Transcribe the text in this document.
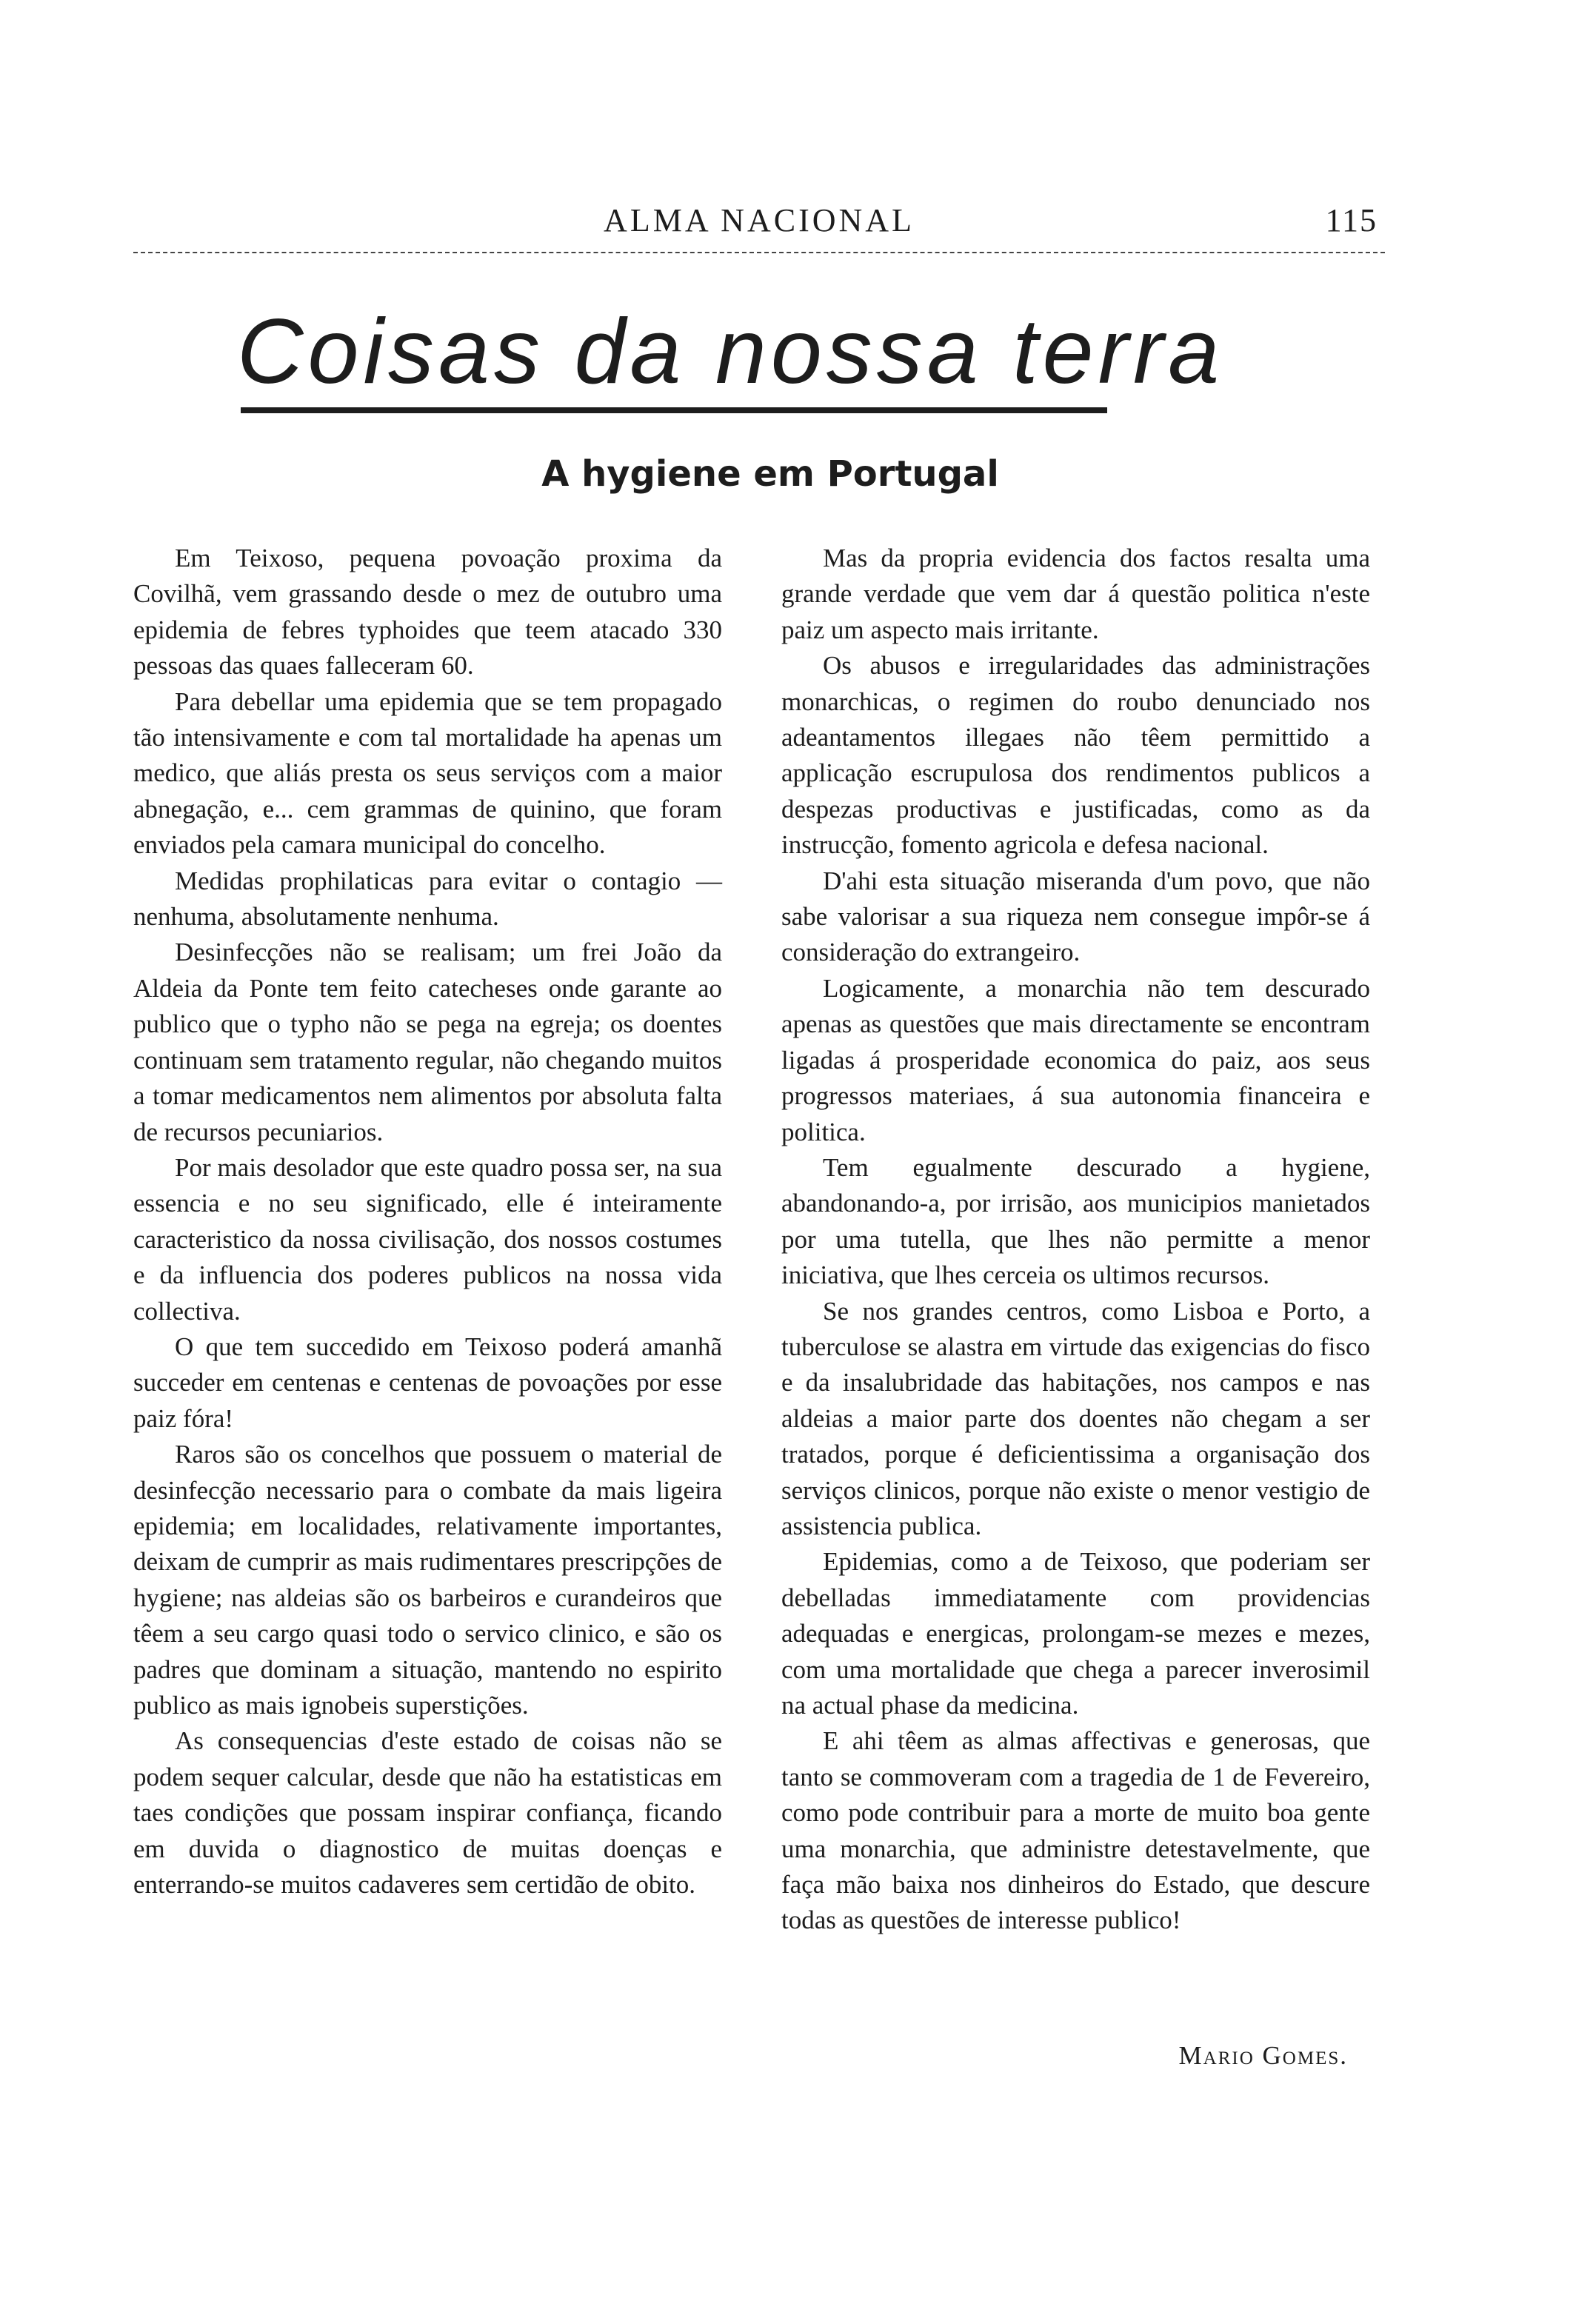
ALMA NACIONAL	115
Coisas da nossa terra
A hygiene em Portugal

Em Teixoso, pequena povoação proxima da Covilhã, vem grassando desde o mez de outubro uma epidemia de febres typhoides que teem atacado 330 pessoas das quaes falleceram 60.

Para debellar uma epidemia que se tem propagado tão intensivamente e com tal mortalidade ha apenas um medico, que aliás presta os seus serviços com a maior abnegação, e... cem grammas de quinino, que foram enviados pela camara municipal do concelho.

Medidas prophilaticas para evitar o contagio — nenhuma, absolutamente nenhuma.

Desinfecções não se realisam; um frei João da Aldeia da Ponte tem feito catecheses onde garante ao publico que o typho não se pega na egreja; os doentes continuam sem tratamento regular, não chegando muitos a tomar medicamentos nem alimentos por absoluta falta de recursos pecuniarios.

Por mais desolador que este quadro possa ser, na sua essencia e no seu significado, elle é inteiramente caracteristico da nossa civilisação, dos nossos costumes e da influencia dos poderes publicos na nossa vida collectiva.

O que tem succedido em Teixoso poderá amanhã succeder em centenas e centenas de povoações por esse paiz fóra!

Raros são os concelhos que possuem o material de desinfecção necessario para o combate da mais ligeira epidemia; em localidades, relativamente importantes, deixam de cumprir as mais rudimentares prescripções de hygiene; nas aldeias são os barbeiros e curandeiros que têem a seu cargo quasi todo o servico clinico, e são os padres que dominam a situação, mantendo no espirito publico as mais ignobeis superstições.

As consequencias d'este estado de coisas não se podem sequer calcular, desde que não ha estatisticas em taes condições que possam inspirar confiança, ficando em duvida o diagnostico de muitas doenças e enterrando-se muitos cadaveres sem certidão de obito.

Mas da propria evidencia dos factos resalta uma grande verdade que vem dar á questão politica n'este paiz um aspecto mais irritante.

Os abusos e irregularidades das administrações monarchicas, o regimen do roubo denunciado nos adeantamentos illegaes não têem permittido a applicação escrupulosa dos rendimentos publicos a despezas productivas e justificadas, como as da instrucção, fomento agricola e defesa nacional.

D'ahi esta situação miseranda d'um povo, que não sabe valorisar a sua riqueza nem consegue impôr-se á consideração do extrangeiro.

Logicamente, a monarchia não tem descurado apenas as questões que mais directamente se encontram ligadas á prosperidade economica do paiz, aos seus progressos materiaes, á sua autonomia financeira e politica.

Tem egualmente descurado a hygiene, abandonando-a, por irrisão, aos municipios manietados por uma tutella, que lhes não permitte a menor iniciativa, que lhes cerceia os ultimos recursos.

Se nos grandes centros, como Lisboa e Porto, a tuberculose se alastra em virtude das exigencias do fisco e da insalubridade das habitações, nos campos e nas aldeias a maior parte dos doentes não chegam a ser tratados, porque é deficientissima a organisação dos serviços clinicos, porque não existe o menor vestigio de assistencia publica.

Epidemias, como a de Teixoso, que poderiam ser debelladas immediatamente com providencias adequadas e energicas, prolongam-se mezes e mezes, com uma mortalidade que chega a parecer inverosimil na actual phase da medicina.

E ahi têem as almas affectivas e generosas, que tanto se commoveram com a tragedia de 1 de Fevereiro, como pode contribuir para a morte de muito boa gente uma monarchia, que administre detestavelmente, que faça mão baixa nos dinheiros do Estado, que descure todas as questões de interesse publico!

Mario Gomes.
